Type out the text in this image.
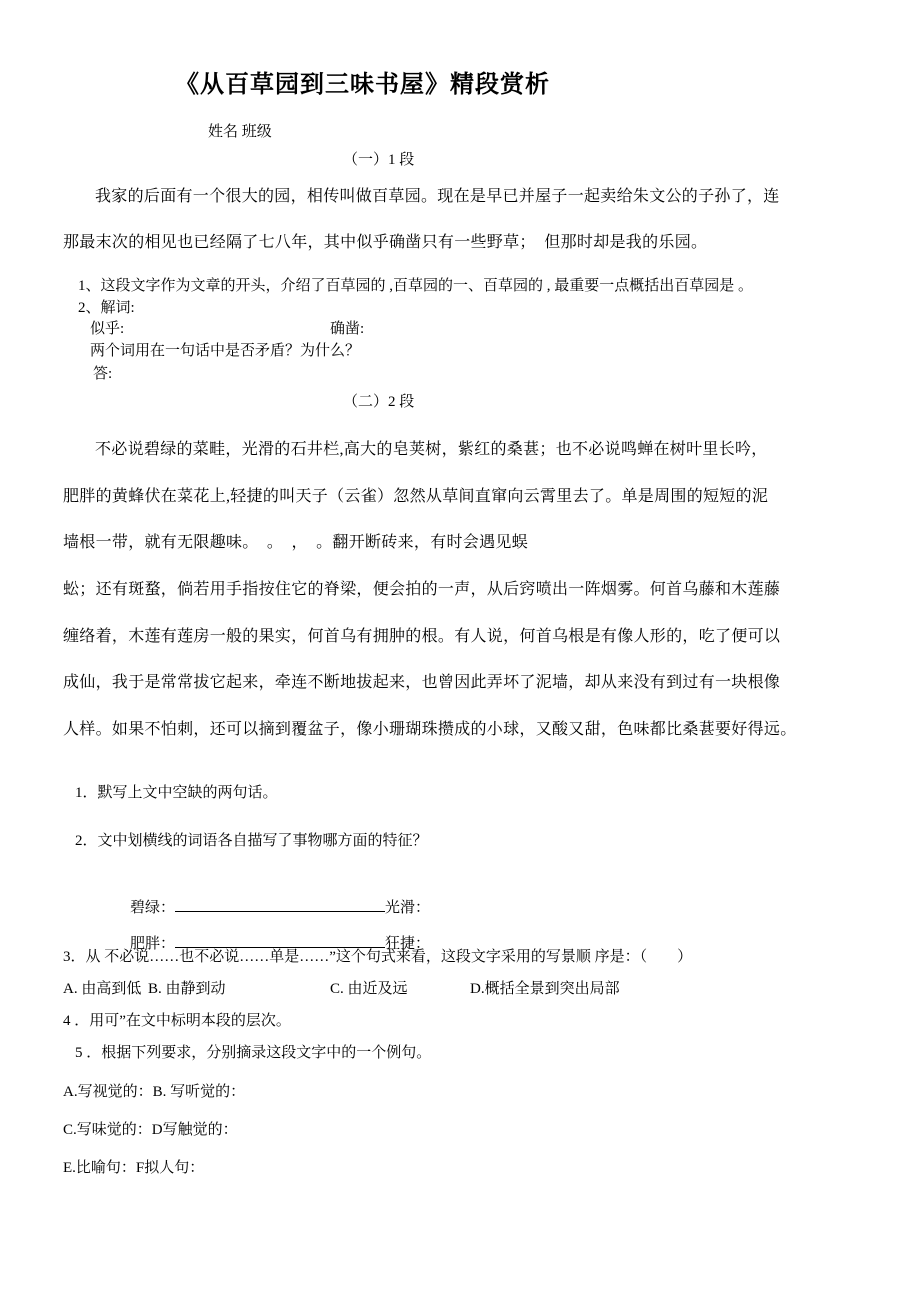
《从百草园到三味书屋》精段赏析
姓名 班级
（一）1 段
我家的后面有一个很大的园，相传叫做百草园。现在是早已并屋子一起卖给朱文公的子孙了，连
那最末次的相见也已经隔了七八年，其中似乎确凿只有一些野草；  但那时却是我的乐园。
1、这段文字作为文章的开头，介绍了百草园的 ,百草园的一、百草园的 , 最重要一点概括出百草园是 。
2、解词:
似乎:	确凿:
两个词用在一句话中是否矛盾？为什么？
答:
（二）2 段
不必说碧绿的菜畦，光滑的石井栏,高大的皂荚树，紫红的桑葚；也不必说鸣蝉在树叶里长吟，
肥胖的黄蜂伏在菜花上,轻捷的叫天子（云雀）忽然从草间直窜向云霄里去了。单是周围的短短的泥
墙根一带，就有无限趣味。　。　，　。翻开断砖来，有时会遇见蜈
蚣；还有斑蝥，倘若用手指按住它的脊梁，便会拍的一声，从后窍喷出一阵烟雾。何首乌藤和木莲藤
缠络着，木莲有莲房一般的果实，何首乌有拥肿的根。有人说，何首乌根是有像人形的，吃了便可以
成仙，我于是常常拔它起来，牵连不断地拔起来，也曾因此弄坏了泥墙，却从来没有到过有一块根像
人样。如果不怕刺，还可以摘到覆盆子，像小珊瑚珠攒成的小球，又酸又甜，色味都比桑葚要好得远。
1．默写上文中空缺的两句话。
2．文中划横线的词语各自描写了事物哪方面的特征？

碧绿：	光滑：

肥胖：	狂捷：

3．从 不必说……也不必说……单是……”这个句式来看，这段文字采用的写景顺 序是：（　　）
A. 由高到低 B. 由静到动	C. 由近及远	D.概括全景到突出局部
4 ．用可”在文中标明本段的层次。
5 ．根据下列要求，分别摘录这段文字中的一个例句。
A.写视觉的：B. 写听觉的：
C.写味觉的：D写触觉的：
E.比喻句：F拟人句：
